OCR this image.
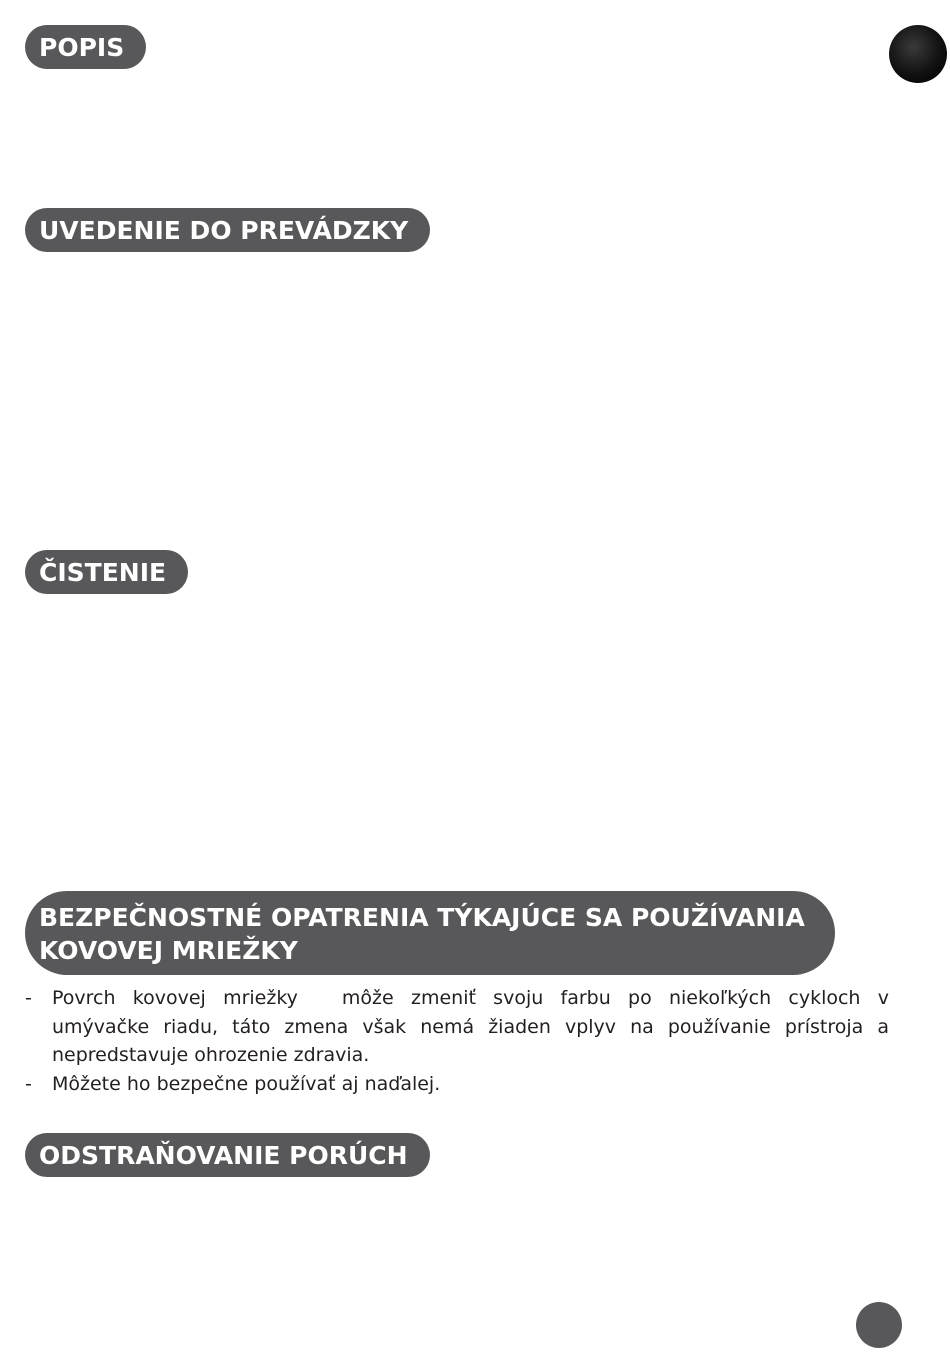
POPIS
UVEDENIE DO PREVÁDZKY
ČISTENIE
BEZPEČNOSTNÉ OPATRENIA TÝKAJÚCE SA POUŽÍVANIA KOVOVEJ MRIEŽKY
- Povrch kovovej mriežky môže zmeniť svoju farbu po niekoľkých cykloch v umývačke riadu, táto zmena však nemá žiaden vplyv na používanie prístroja a nepredstavuje ohrozenie zdravia.
- Môžete ho bezpečne používať aj naďalej.
ODSTRAŇOVANIE PORÚCH
